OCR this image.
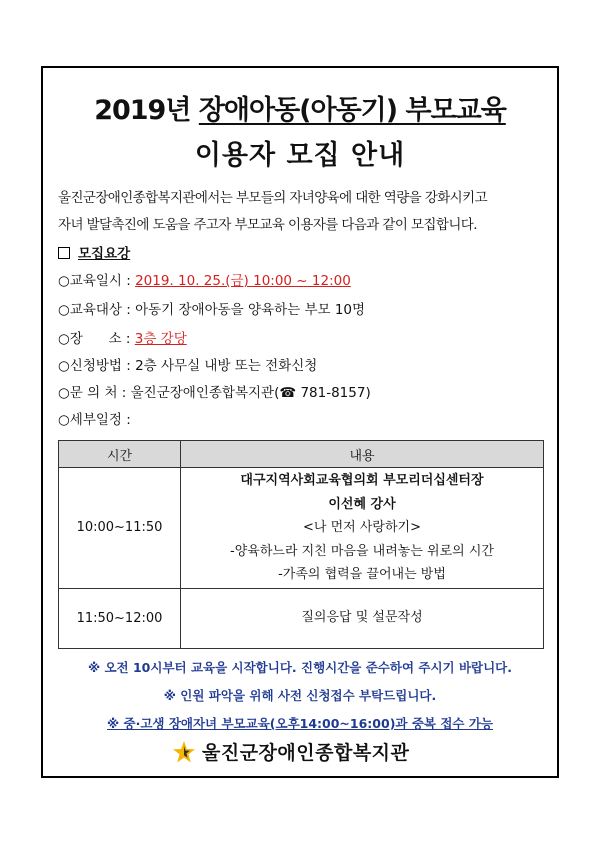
2019년 장애아동(아동기) 부모교육
이용자 모집 안내
울진군장애인종합복지관에서는 부모들의 자녀양육에 대한 역량을 강화시키고
자녀 발달촉진에 도움을 주고자 부모교육 이용자를 다음과 같이 모집합니다.
모집요강
○교육일시 : 2019. 10. 25.(금) 10:00 ~ 12:00
○교육대상 : 아동기 장애아동을 양육하는 부모 10명
○장      소 : 3층 강당
○신청방법 : 2층 사무실 내방 또는 전화신청
○문 의 처 : 울진군장애인종합복지관(☎ 781-8157)
○세부일정 :
시간	내용
10:00~11:50	대구지역사회교육협의회 부모리더십센터장
이선혜 강사
<나 먼저 사랑하기>
-양육하느라 지친 마음을 내려놓는 위로의 시간
-가족의 협력을 끌어내는 방법

11:50~12:00	질의응답 및 설문작성
※ 오전 10시부터 교육을 시작합니다. 진행시간을 준수하여 주시기 바랍니다.
※ 인원 파악을 위해 사전 신청접수 부탁드립니다.
※ 중·고생 장애자녀 부모교육(오후14:00~16:00)과 중복 접수 가능
울진군장애인종합복지관
